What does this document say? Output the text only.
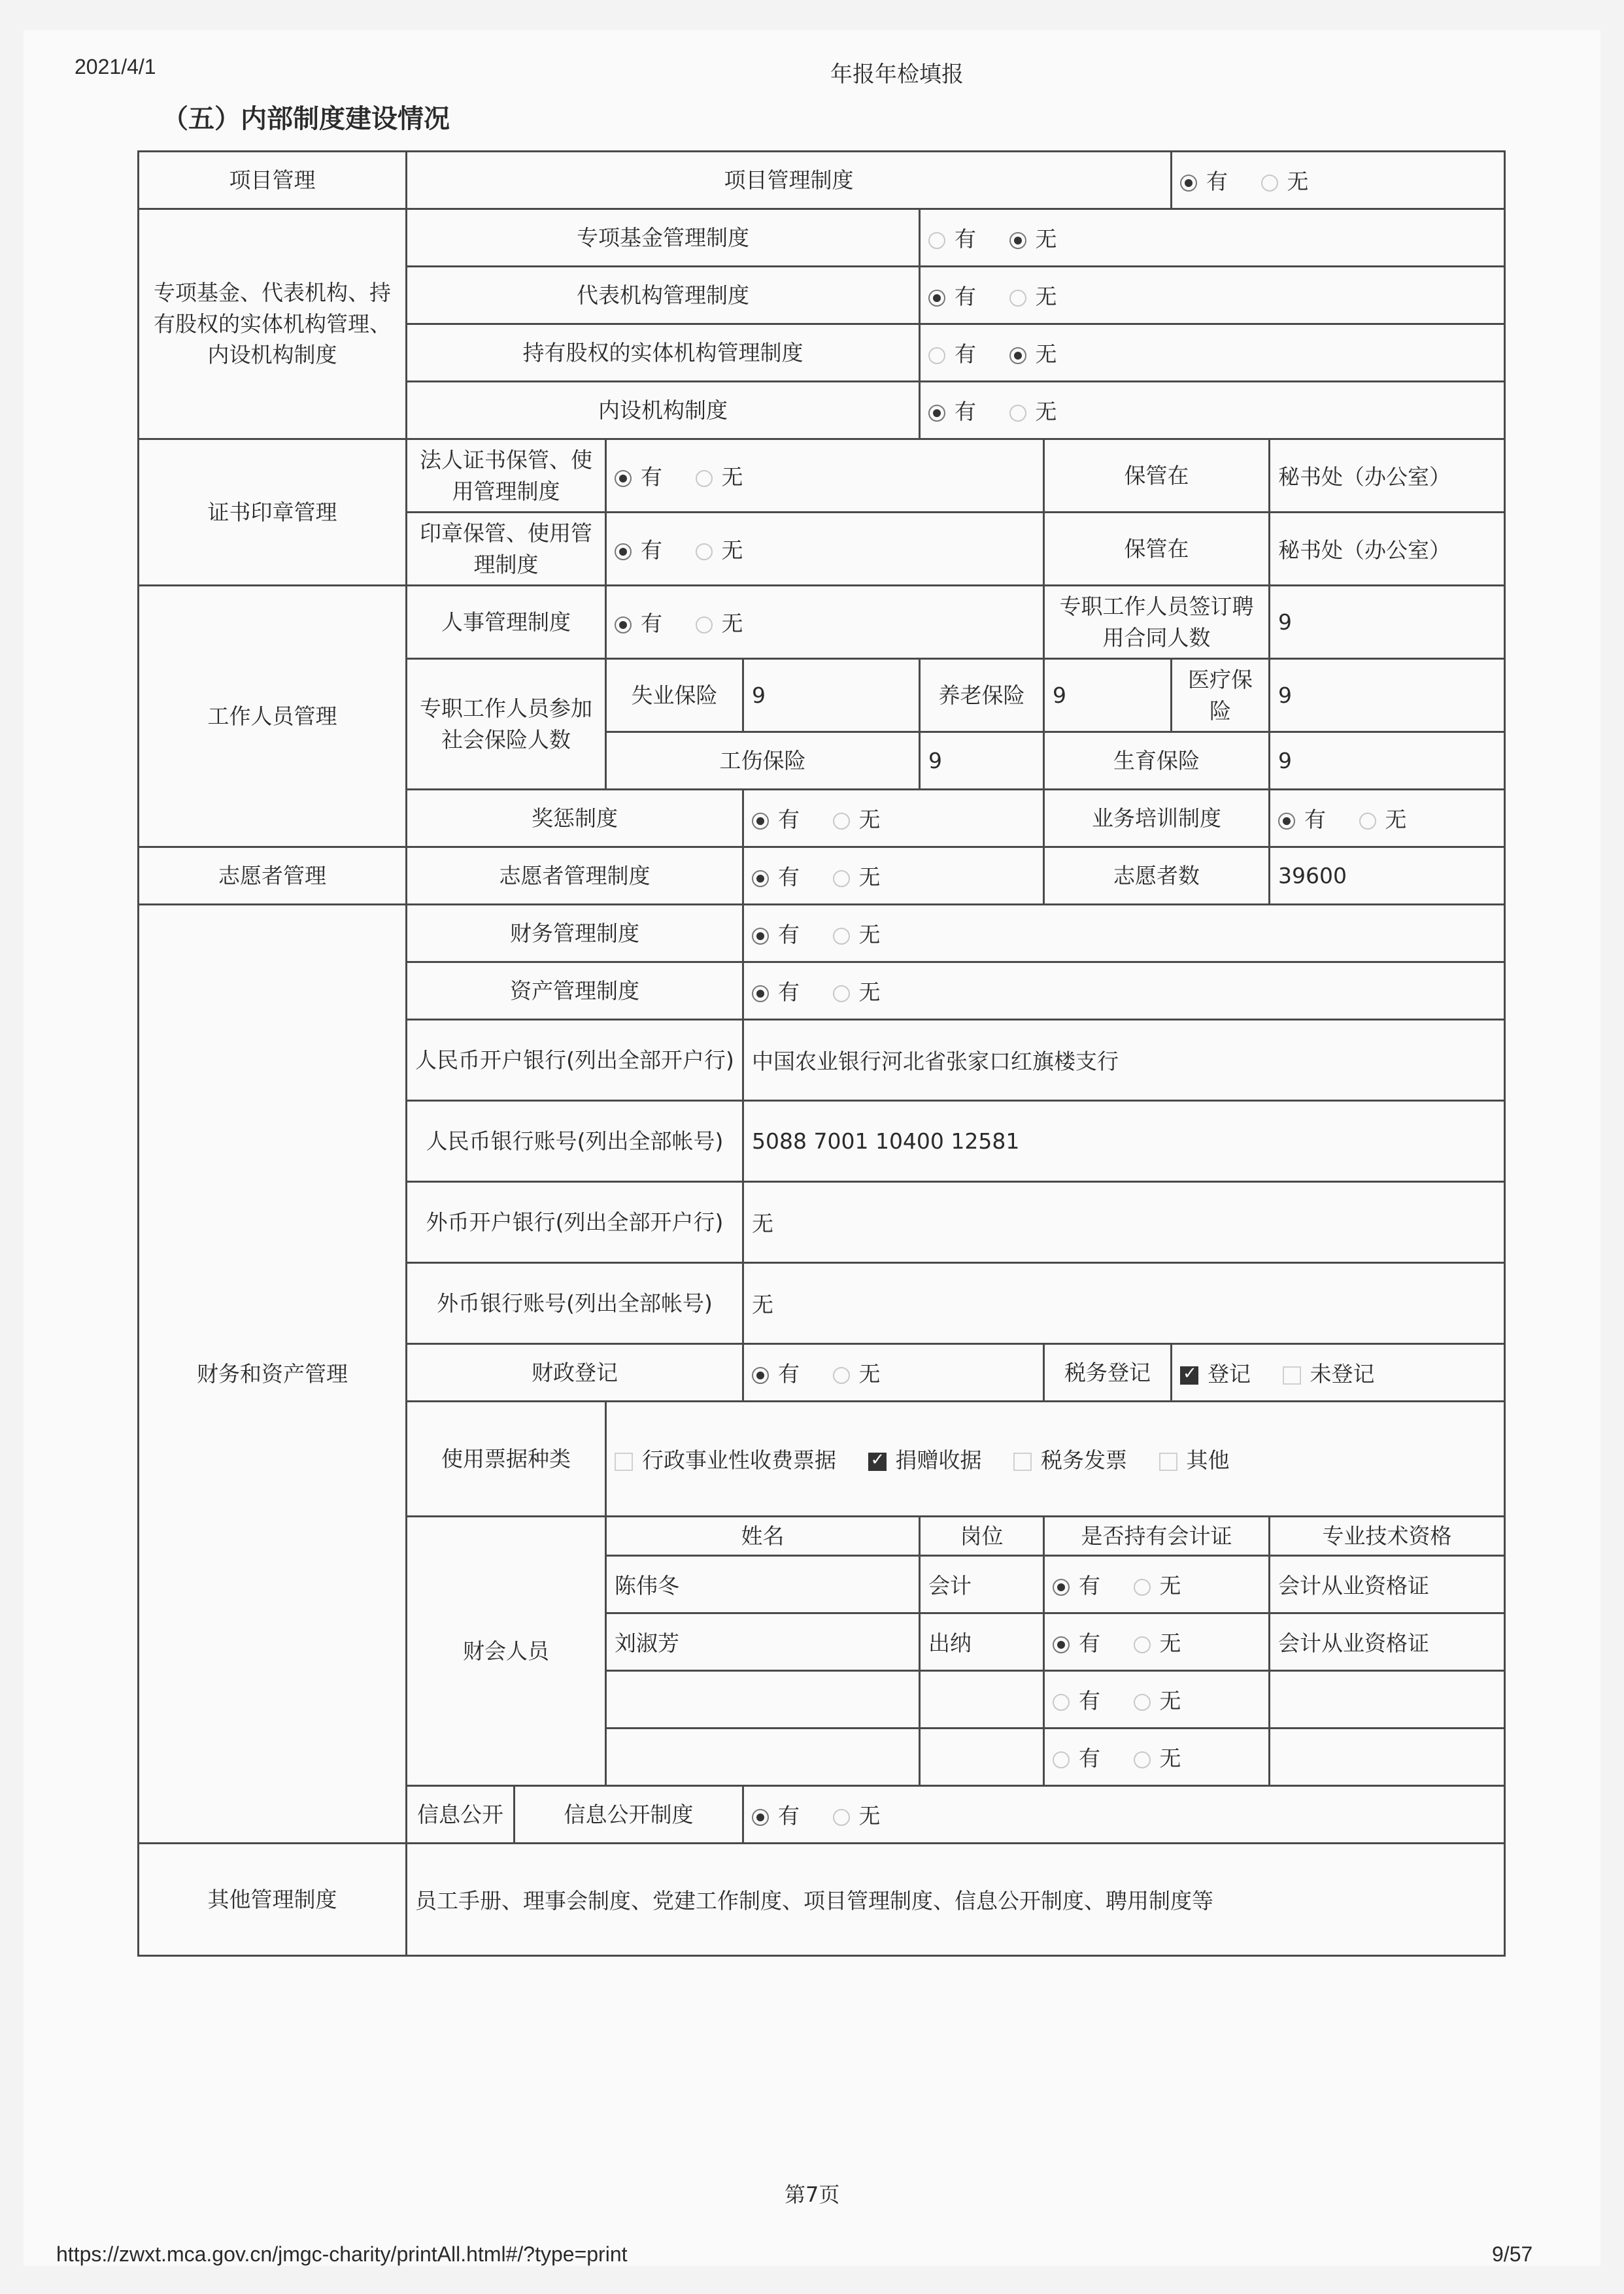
2021/4/1	年报年检填报
（五）内部制度建设情况
项目管理	项目管理制度						有 无	
专项基金、代表机构、持有股权的实体机构管理、内设机构制度	专项基金管理制度				有 无			
	代表机构管理制度				有 无			
	持有股权的实体机构管理制度				有 无			
	内设机构制度				有 无			
证书印章管理	法人证书保管、使用管理制度		有 无			保管在		秘书处（办公室）
	印章保管、使用管理制度		有 无			保管在		秘书处（办公室）
工作人员管理	人事管理制度		有 无			专职工作人员签订聘用合同人数		9
	专职工作人员参加社会保险人数		失业保险	9	养老保险	9	医疗保险	9
			工伤保险		9	生育保险		9
	奖惩制度			有 无		业务培训制度		有 无
志愿者管理	志愿者管理制度			有 无		志愿者数		39600
财务和资产管理	财务管理制度			有 无				
	资产管理制度			有 无				
	人民币开户银行(列出全部开户行)			中国农业银行河北省张家口红旗楼支行				
	人民币银行账号(列出全部帐号)			5088 7001 10400 12581				
	外币开户银行(列出全部开户行)			无				
	外币银行账号(列出全部帐号)			无				
	财政登记			有 无		税务登记	✓登记 未登记
	使用票据种类		行政事业性收费票据 ✓ 捐赠收据 税务发票 其他
	财会人员		姓名		岗位	是否持有会计证		专业技术资格
			陈伟冬		会计	有 无		会计从业资格证
			刘淑芳		出纳	有 无		会计从业资格证
						有 无		
						有 无		
	信息公开	信息公开制度		有 无				
其他管理制度	员工手册、理事会制度、党建工作制度、项目管理制度、信息公开制度、聘用制度等							
第7页
https://zwxt.mca.gov.cn/jmgc-charity/printAll.html#/?type=print	9/57
